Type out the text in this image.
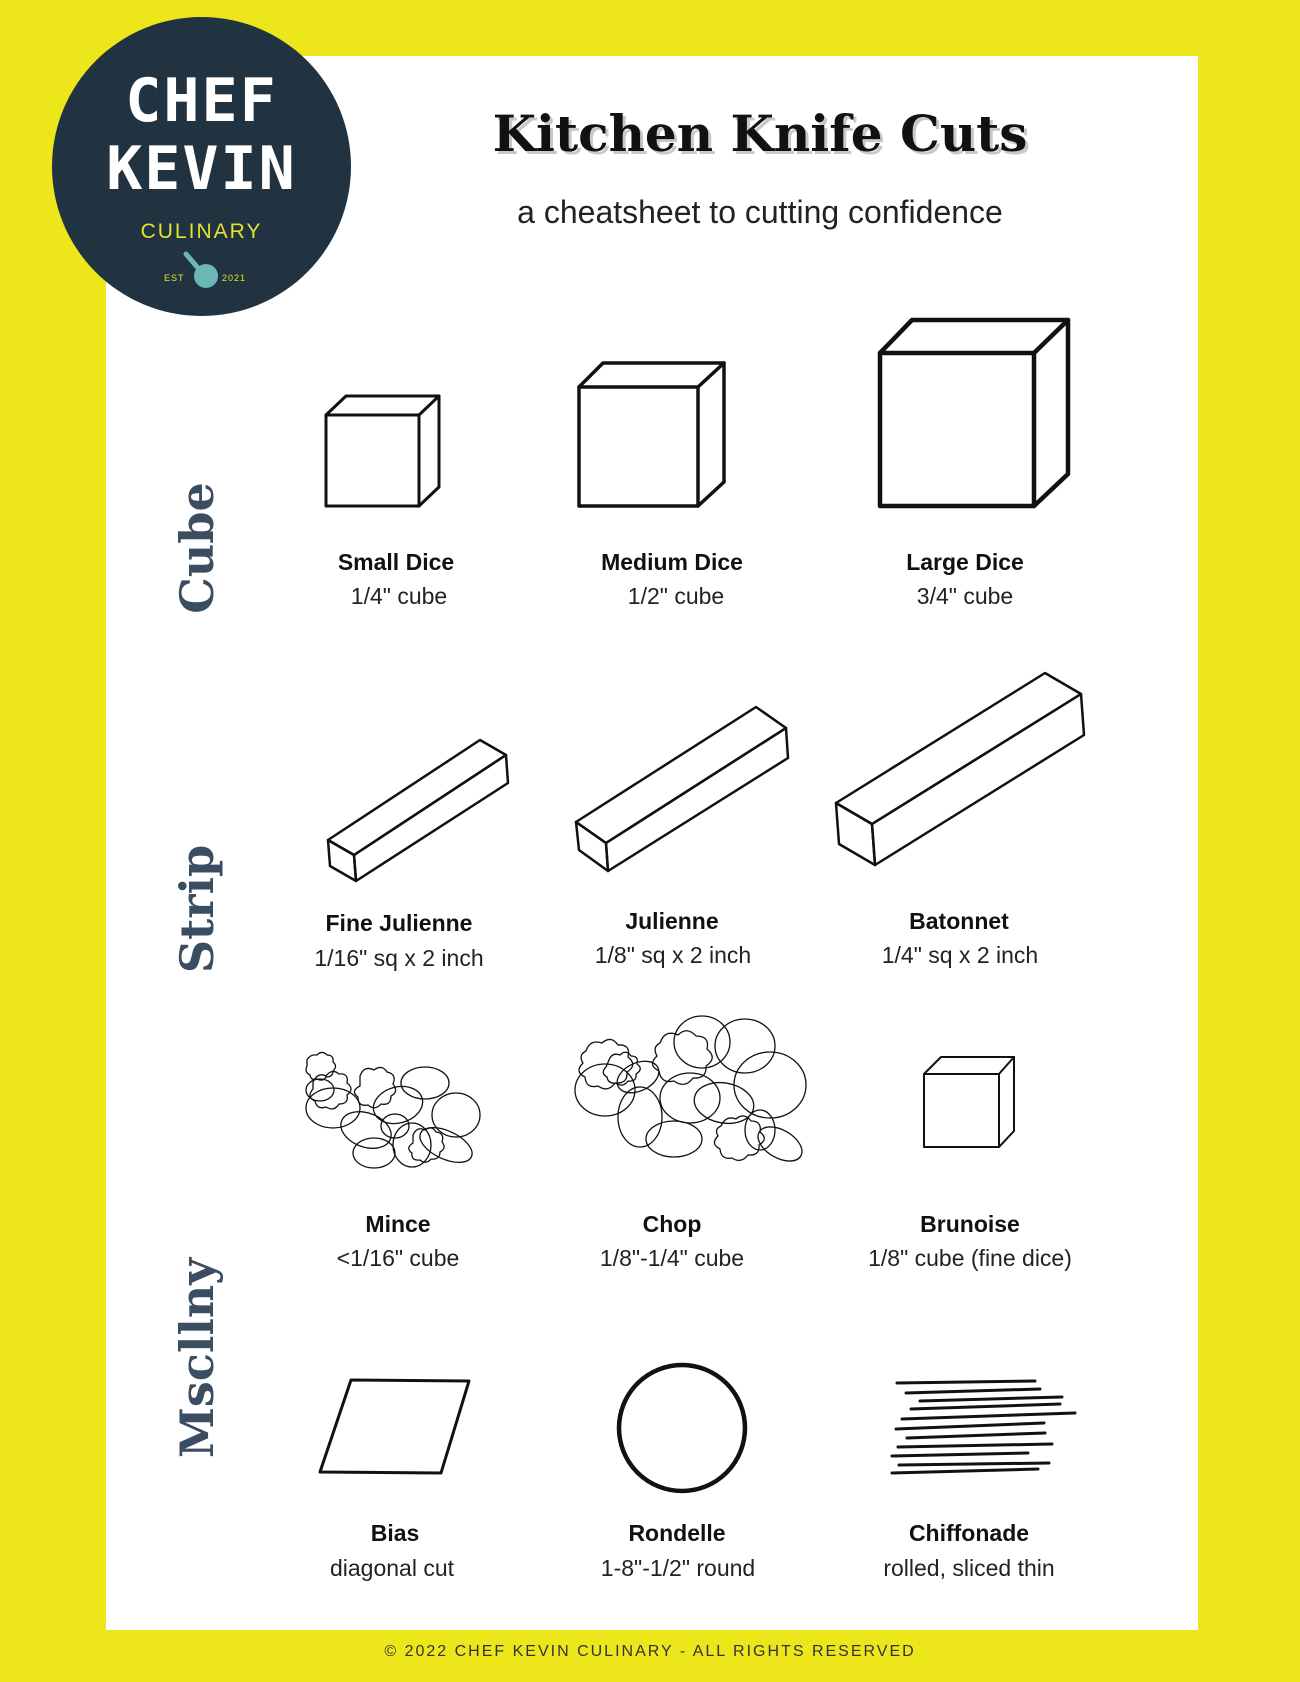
CHEF
KEVIN
CULINARY
EST	2021
Kitchen Knife Cuts
a cheatsheet to cutting confidence
Cube
Strip
Mscllny
Small Dice
1/4" cube
Medium Dice
1/2" cube
Large Dice
3/4" cube
Fine Julienne
1/16" sq x 2 inch
Julienne
1/8" sq x 2 inch
Batonnet
1/4" sq x 2 inch
Mince
<1/16" cube
Chop
1/8"-1/4" cube
Brunoise
1/8" cube (fine dice)
Bias
diagonal cut
Rondelle
1-8"-1/2" round
Chiffonade
rolled, sliced thin
© 2022 CHEF KEVIN CULINARY - ALL RIGHTS RESERVED
